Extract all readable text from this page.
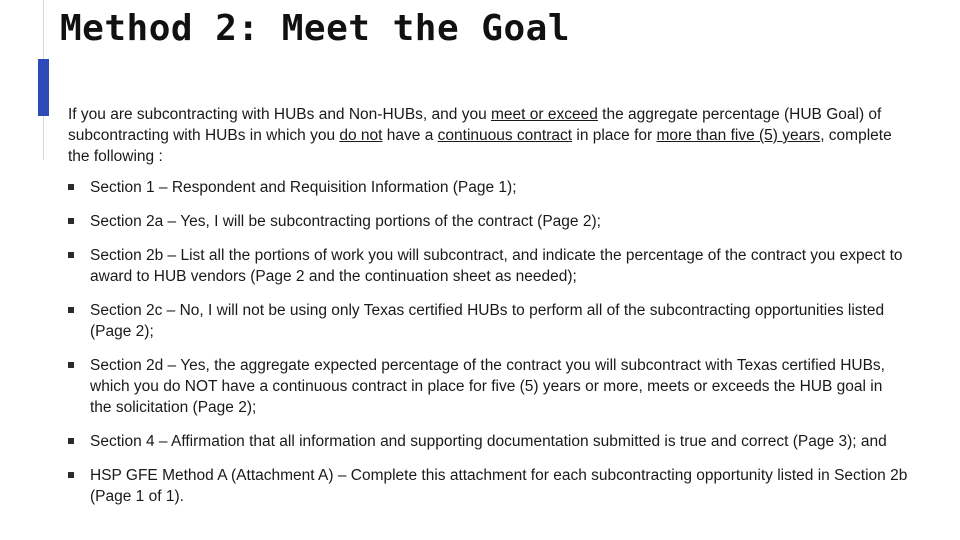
Method 2: Meet the Goal

If you are subcontracting with HUBs and Non-HUBs, and you meet or exceed the aggregate percentage (HUB Goal) of subcontracting with HUBs in which you do not have a continuous contract in place for more than five (5) years, complete the following :

Section 1 – Respondent and Requisition Information (Page 1);
Section 2a – Yes, I will be subcontracting portions of the contract (Page 2);
Section 2b – List all the portions of work you will subcontract, and indicate the percentage of the contract you expect to award to HUB vendors (Page 2 and the continuation sheet as needed);
Section 2c – No, I will not be using only Texas certified HUBs to perform all of the subcontracting opportunities listed (Page 2);
Section 2d – Yes, the aggregate expected percentage of the contract you will subcontract with Texas certified HUBs, which you do NOT have a continuous contract in place for five (5) years or more, meets or exceeds the HUB goal in the solicitation (Page 2);
Section 4 – Affirmation that all information and supporting documentation submitted is true and correct (Page 3); and
HSP GFE Method A (Attachment A) – Complete this attachment for each subcontracting opportunity listed in Section 2b (Page 1 of 1).
